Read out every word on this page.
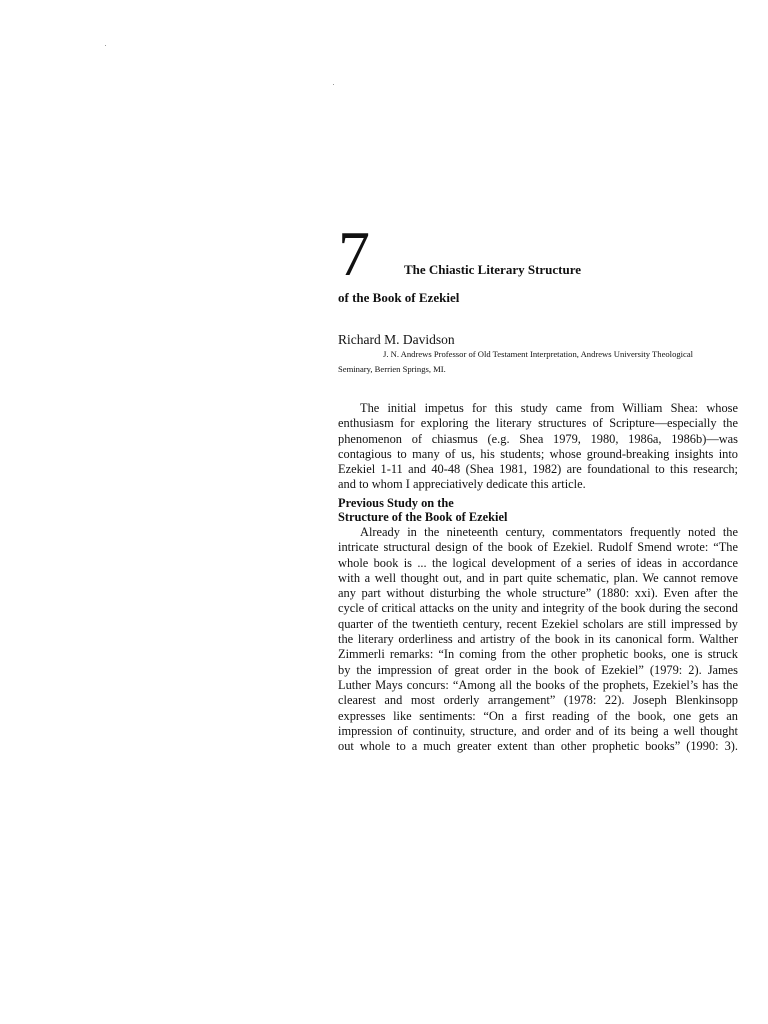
7	The Chiastic Literary Structure
of the Book of Ezekiel
Richard M. Davidson
J. N. Andrews Professor of Old Testament Interpretation, Andrews University Theological
Seminary, Berrien Springs, MI.
The initial impetus for this study came from William Shea: whose
enthusiasm for exploring the literary structures of Scripture—especially the
phenomenon of chiasmus (e.g. Shea 1979, 1980, 1986a, 1986b)—was
contagious to many of us, his students; whose ground-breaking insights into
Ezekiel 1-11 and 40-48 (Shea 1981, 1982) are foundational to this research;
and to whom I appreciatively dedicate this article.
Previous Study on the
Structure of the Book of Ezekiel
Already in the nineteenth century, commentators frequently noted the
intricate structural design of the book of Ezekiel. Rudolf Smend wrote: “The
whole book is ... the logical development of a series of ideas in accordance
with a well thought out, and in part quite schematic, plan. We cannot remove
any part without disturbing the whole structure” (1880: xxi). Even after the
cycle of critical attacks on the unity and integrity of the book during the second
quarter of the twentieth century, recent Ezekiel scholars are still impressed by
the literary orderliness and artistry of the book in its canonical form. Walther
Zimmerli remarks: “In coming from the other prophetic books, one is struck
by the impression of great order in the book of Ezekiel” (1979: 2). James
Luther Mays concurs: “Among all the books of the prophets, Ezekiel’s has the
clearest and most orderly arrangement” (1978: 22). Joseph Blenkinsopp
expresses like sentiments: “On a first reading of the book, one gets an
impression of continuity, structure, and order and of its being a well thought
out whole to a much greater extent than other prophetic books” (1990: 3).
